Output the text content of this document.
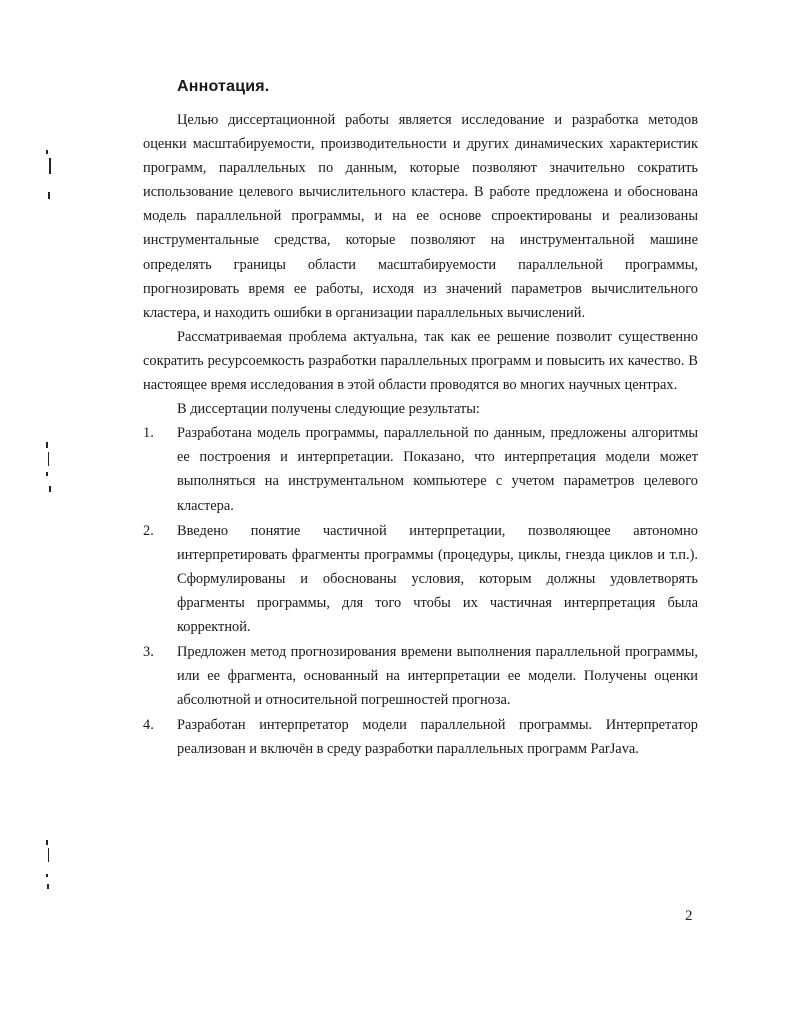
Аннотация.

Целью диссертационной работы является исследование и разработка методов оценки масштабируемости, производительности и других динамических характеристик программ, параллельных по данным, которые позволяют значительно сократить использование целевого вычислительного кластера. В работе предложена и обоснована модель параллельной программы, и на ее основе спроектированы и реализованы инструментальные средства, которые позволяют на инструментальной машине определять границы области масштабируемости параллельной программы, прогнозировать время ее работы, исходя из значений параметров вычислительного кластера, и находить ошибки в организации параллельных вычислений.

Рассматриваемая проблема актуальна, так как ее решение позволит существенно сократить ресурсоемкость разработки параллельных программ и повысить их качество. В настоящее время исследования в этой области проводятся во многих научных центрах.

В диссертации получены следующие результаты:

1. Разработана модель программы, параллельной по данным, предложены алгоритмы ее построения и интерпретации. Показано, что интерпретация модели может выполняться на инструментальном компьютере с учетом параметров целевого кластера.
2. Введено понятие частичной интерпретации, позволяющее автономно интерпретировать фрагменты программы (процедуры, циклы, гнезда циклов и т.п.). Сформулированы и обоснованы условия, которым должны удовлетворять фрагменты программы, для того чтобы их частичная интерпретация была корректной.
3. Предложен метод прогнозирования времени выполнения параллельной программы, или ее фрагмента, основанный на интерпретации ее модели. Получены оценки абсолютной и относительной погрешностей прогноза.
4. Разработан интерпретатор модели параллельной программы. Интерпретатор реализован и включён в среду разработки параллельных программ ParJava.
2
